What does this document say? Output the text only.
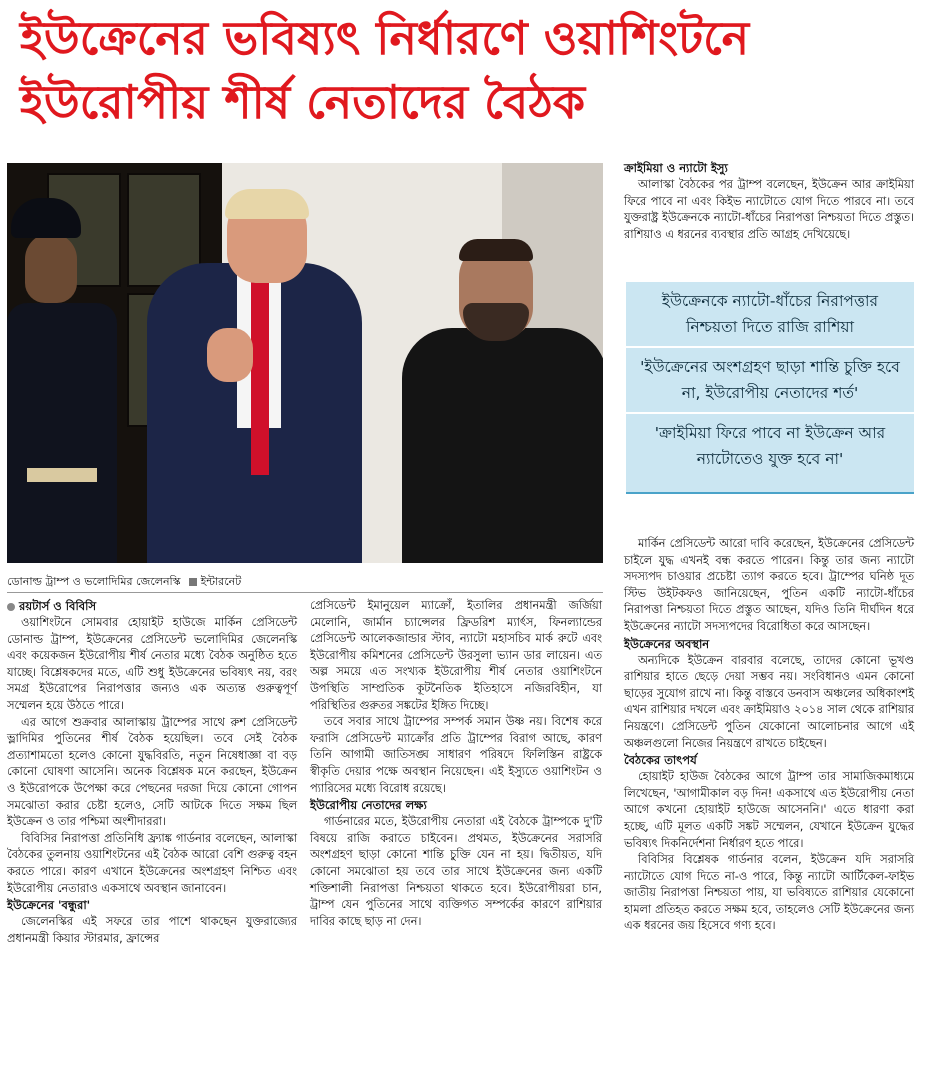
ইউক্রেনের ভবিষ্যৎ নির্ধারণে ওয়াশিংটনে ইউরোপীয় শীর্ষ নেতাদের বৈঠক
ডোনাল্ড ট্রাম্প ও ভলোদিমির জেলেনস্কি ইন্টারনেট
রয়টার্স ও বিবিসি

ওয়াশিংটনে সোমবার হোয়াইট হাউজে মার্কিন প্রেসিডেন্ট ডোনাল্ড ট্রাম্প, ইউক্রেনের প্রেসিডেন্ট ভলোদিমির জেলেনস্কি এবং কয়েকজন ইউরোপীয় শীর্ষ নেতার মধ্যে বৈঠক অনুষ্ঠিত হতে যাচ্ছে। বিশ্লেষকদের মতে, এটি শুধু ইউক্রেনের ভবিষ্যৎ নয়, বরং সমগ্র ইউরোপের নিরাপত্তার জন্যও এক অত্যন্ত গুরুত্বপূর্ণ সম্মেলন হয়ে উঠতে পারে।

এর আগে শুক্রবার আলাস্কায় ট্রাম্পের সাথে রুশ প্রেসিডেন্ট ভ্লাদিমির পুতিনের শীর্ষ বৈঠক হয়েছিল। তবে সেই বৈঠক প্রত্যাশামতো হলেও কোনো যুদ্ধবিরতি, নতুন নিষেধাজ্ঞা বা বড় কোনো ঘোষণা আসেনি। অনেক বিশ্লেষক মনে করছেন, ইউক্রেন ও ইউরোপকে উপেক্ষা করে পেছনের দরজা দিয়ে কোনো গোপন সমঝোতা করার চেষ্টা হলেও, সেটি আটকে দিতে সক্ষম ছিল ইউক্রেন ও তার পশ্চিমা অংশীদাররা।

বিবিসির নিরাপত্তা প্রতিনিধি ফ্র্যাঙ্ক গার্ডনার বলেছেন, আলাস্কা বৈঠকের তুলনায় ওয়াশিংটনের এই বৈঠক আরো বেশি গুরুত্ব বহন করতে পারে। কারণ এখানে ইউক্রেনের অংশগ্রহণ নিশ্চিত এবং ইউরোপীয় নেতারাও একসাথে অবস্থান জানাবেন।

ইউক্রেনের 'বন্ধুরা'

জেলেনস্কির এই সফরে তার পাশে থাকছেন যুক্তরাজ্যের প্রধানমন্ত্রী কিয়ার স্টারমার, ফ্রান্সের

প্রেসিডেন্ট ইমানুয়েল ম্যাক্রোঁ, ইতালির প্রধানমন্ত্রী জর্জিয়া মেলোনি, জার্মান চ্যান্সেলর ফ্রিডরিশ ম্যার্ৎস, ফিনল্যান্ডের প্রেসিডেন্ট আলেকজান্ডার স্টাব, ন্যাটো মহাসচিব মার্ক রুটে এবং ইউরোপীয় কমিশনের প্রেসিডেন্ট উরসুলা ভ্যান ডার লায়েন। এত অল্প সময়ে এত সংখ্যক ইউরোপীয় শীর্ষ নেতার ওয়াশিংটনে উপস্থিতি সাম্প্রতিক কূটনৈতিক ইতিহাসে নজিরবিহীন, যা পরিস্থিতির গুরুতর সঙ্কটের ইঙ্গিত দিচ্ছে।

তবে সবার সাথে ট্রাম্পের সম্পর্ক সমান উষ্ণ নয়। বিশেষ করে ফরাসি প্রেসিডেন্ট ম্যাক্রোঁর প্রতি ট্রাম্পের বিরাগ আছে, কারণ তিনি আগামী জাতিসঙ্ঘ সাধারণ পরিষদে ফিলিস্তিন রাষ্ট্রকে স্বীকৃতি দেয়ার পক্ষে অবস্থান নিয়েছেন। এই ইস্যুতে ওয়াশিংটন ও প্যারিসের মধ্যে বিরোধ রয়েছে।

ইউরোপীয় নেতাদের লক্ষ্য

গার্ডনারের মতে, ইউরোপীয় নেতারা এই বৈঠকে ট্রাম্পকে দু'টি বিষয়ে রাজি করাতে চাইবেন। প্রথমত, ইউক্রেনের সরাসরি অংশগ্রহণ ছাড়া কোনো শান্তি চুক্তি যেন না হয়। দ্বিতীয়ত, যদি কোনো সমঝোতা হয় তবে তার সাথে ইউক্রেনের জন্য একটি শক্তিশালী নিরাপত্তা নিশ্চয়তা থাকতে হবে। ইউরোপীয়রা চান, ট্রাম্প যেন পুতিনের সাথে ব্যক্তিগত সম্পর্কের কারণে রাশিয়ার দাবির কাছে ছাড় না দেন।

ক্রাইমিয়া ও ন্যাটো ইস্যু

আলাস্কা বৈঠকের পর ট্রাম্প বলেছেন, ইউক্রেন আর ক্রাইমিয়া ফিরে পাবে না এবং কিইভ ন্যাটোতে যোগ দিতে পারবে না। তবে যুক্তরাষ্ট্র ইউক্রেনকে ন্যাটো-ধাঁচের নিরাপত্তা নিশ্চয়তা দিতে প্রস্তুত। রাশিয়াও এ ধরনের ব্যবস্থার প্রতি আগ্রহ দেখিয়েছে।

ইউক্রেনকে ন্যাটো-ধাঁচের নিরাপত্তার নিশ্চয়তা দিতে রাজি রাশিয়া
'ইউক্রেনের অংশগ্রহণ ছাড়া শান্তি চুক্তি হবে না, ইউরোপীয় নেতাদের শর্ত'
'ক্রাইমিয়া ফিরে পাবে না ইউক্রেন আর ন্যাটোতেও যুক্ত হবে না'

মার্কিন প্রেসিডেন্ট আরো দাবি করেছেন, ইউক্রেনের প্রেসিডেন্ট চাইলে যুদ্ধ এখনই বন্ধ করতে পারেন। কিন্তু তার জন্য ন্যাটো সদস্যপদ চাওয়ার প্রচেষ্টা ত্যাগ করতে হবে। ট্রাম্পের ঘনিষ্ঠ দূত স্টিভ উইটকফও জানিয়েছেন, পুতিন একটি ন্যাটো-ধাঁচের নিরাপত্তা নিশ্চয়তা দিতে প্রস্তুত আছেন, যদিও তিনি দীর্ঘদিন ধরে ইউক্রেনের ন্যাটো সদস্যপদের বিরোধিতা করে আসছেন।

ইউক্রেনের অবস্থান

অন্যদিকে ইউক্রেন বারবার বলেছে, তাদের কোনো ভূখণ্ড রাশিয়ার হাতে ছেড়ে দেয়া সম্ভব নয়। সংবিধানও এমন কোনো ছাড়ের সুযোগ রাখে না। কিন্তু বাস্তবে ডনবাস অঞ্চলের অধিকাংশই এখন রাশিয়ার দখলে এবং ক্রাইমিয়াও ২০১৪ সাল থেকে রাশিয়ার নিয়ন্ত্রণে। প্রেসিডেন্ট পুতিন যেকোনো আলোচনার আগে এই অঞ্চলগুলো নিজের নিয়ন্ত্রণে রাখতে চাইছেন।

বৈঠকের তাৎপর্য

হোয়াইট হাউজ বৈঠকের আগে ট্রাম্প তার সামাজিকমাধ্যমে লিখেছেন, 'আগামীকাল বড় দিন! একসাথে এত ইউরোপীয় নেতা আগে কখনো হোয়াইট হাউজে আসেননি।' এতে ধারণা করা হচ্ছে, এটি মূলত একটি সঙ্কট সম্মেলন, যেখানে ইউক্রেন যুদ্ধের ভবিষ্যৎ দিকনির্দেশনা নির্ধারণ হতে পারে।

বিবিসির বিশ্লেষক গার্ডনার বলেন, ইউক্রেন যদি সরাসরি ন্যাটোতে যোগ দিতে না-ও পারে, কিন্তু ন্যাটো আর্টিকেল-ফাইভ জাতীয় নিরাপত্তা নিশ্চয়তা পায়, যা ভবিষ্যতে রাশিয়ার যেকোনো হামলা প্রতিহত করতে সক্ষম হবে, তাহলেও সেটি ইউক্রেনের জন্য এক ধরনের জয় হিসেবে গণ্য হবে।
